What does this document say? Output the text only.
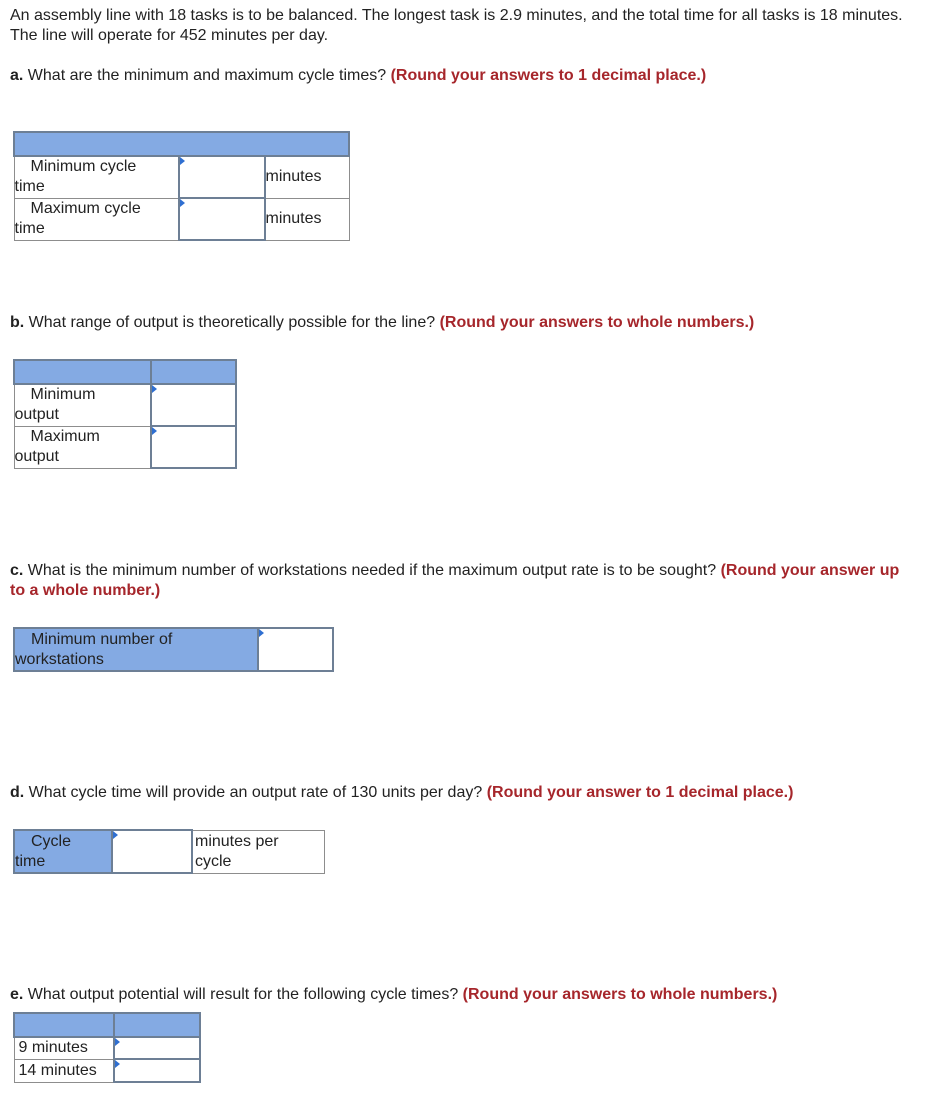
An assembly line with 18 tasks is to be balanced. The longest task is 2.9 minutes, and the total time for all tasks is 18 minutes. The line will operate for 452 minutes per day.

a. What are the minimum and maximum cycle times? (Round your answers to 1 decimal place.)

Minimum cycle
time		minutes

Maximum cycle
time		minutes

b. What range of output is theoretically possible for the line? (Round your answers to whole numbers.)

Minimum
output	

Maximum
output	

c. What is the minimum number of workstations needed if the maximum output rate is to be sought? (Round your answer up to a whole number.)

Minimum number of
workstations	

d. What cycle time will provide an output rate of 130 units per day? (Round your answer to 1 decimal place.)

Cycle
time	

minutes per
cycle

e. What output potential will result for the following cycle times? (Round your answers to whole numbers.)

9 minutes	

14 minutes	
